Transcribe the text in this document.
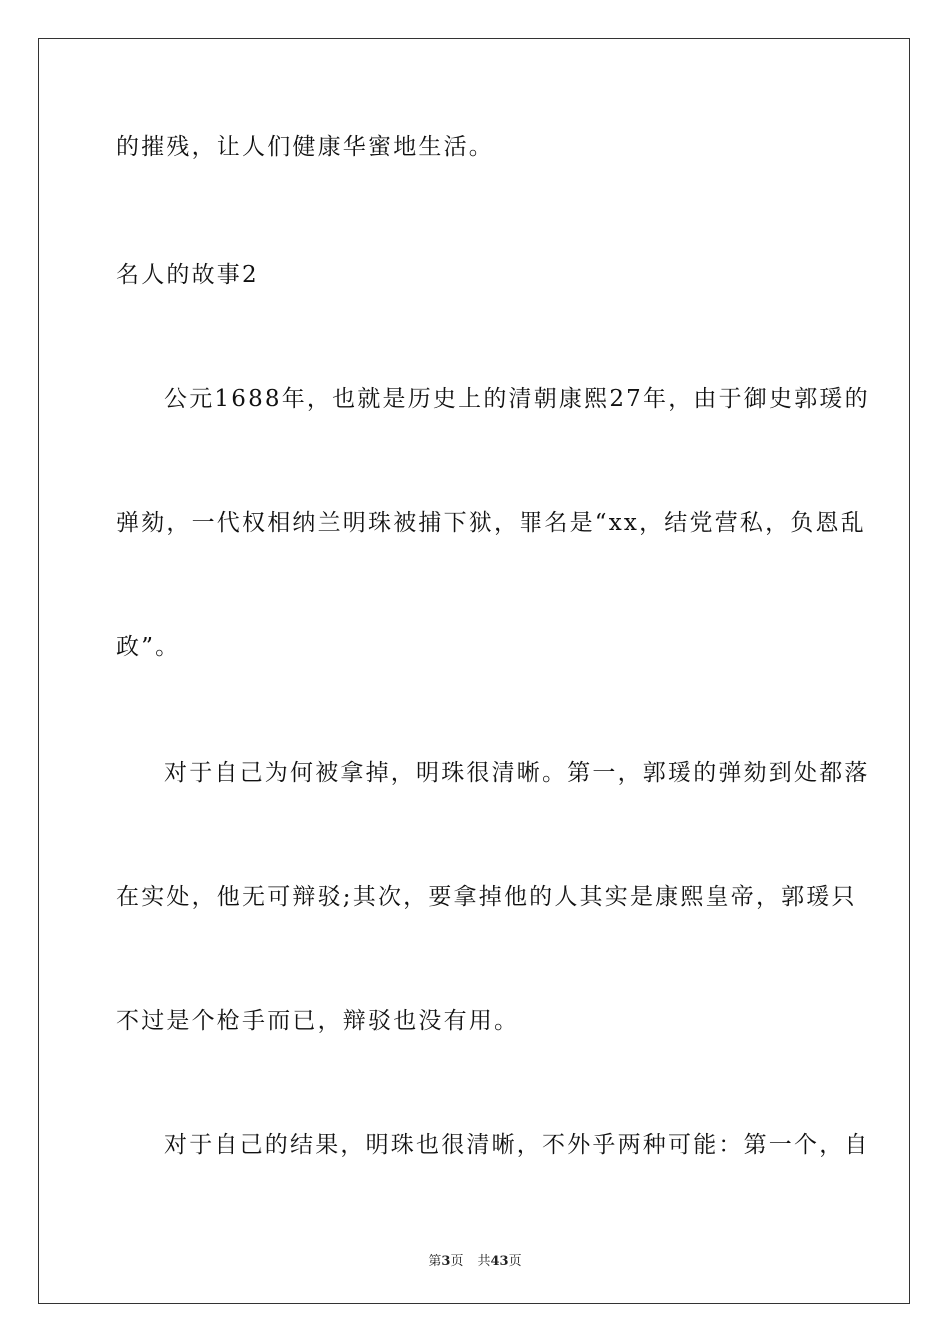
的摧残，让人们健康华蜜地生活。
名人的故事2
公元1688年，也就是历史上的清朝康熙27年，由于御史郭瑗的
弹劾，一代权相纳兰明珠被捕下狱，罪名是“xx，结党营私，负恩乱
政”。
对于自己为何被拿掉，明珠很清晰。第一，郭瑗的弹劾到处都落
在实处，他无可辩驳;其次，要拿掉他的人其实是康熙皇帝，郭瑗只
不过是个枪手而已，辩驳也没有用。
对于自己的结果，明珠也很清晰，不外乎两种可能：第一个，自
第3页 共43页
